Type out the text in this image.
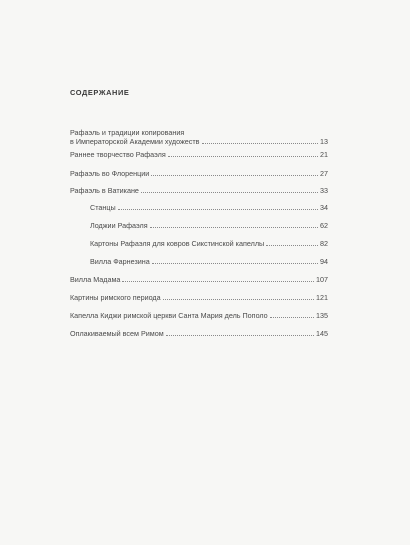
СОДЕРЖАНИЕ
Рафаэль и традиции копирования
в Императорской Академии художеств	13
Раннее творчество Рафаэля	21
Рафаэль во Флоренции	27
Рафаэль в Ватикане	33
Станцы	34
Лоджии Рафаэля	62
Картоны Рафаэля для ковров Сикстинской капеллы	82
Вилла Фарнезина	94
Вилла Мадама	107
Картины римского периода	121
Капелла Киджи римской церкви Санта Мария дель Пополо	135
Оплакиваемый всем Римом	145
